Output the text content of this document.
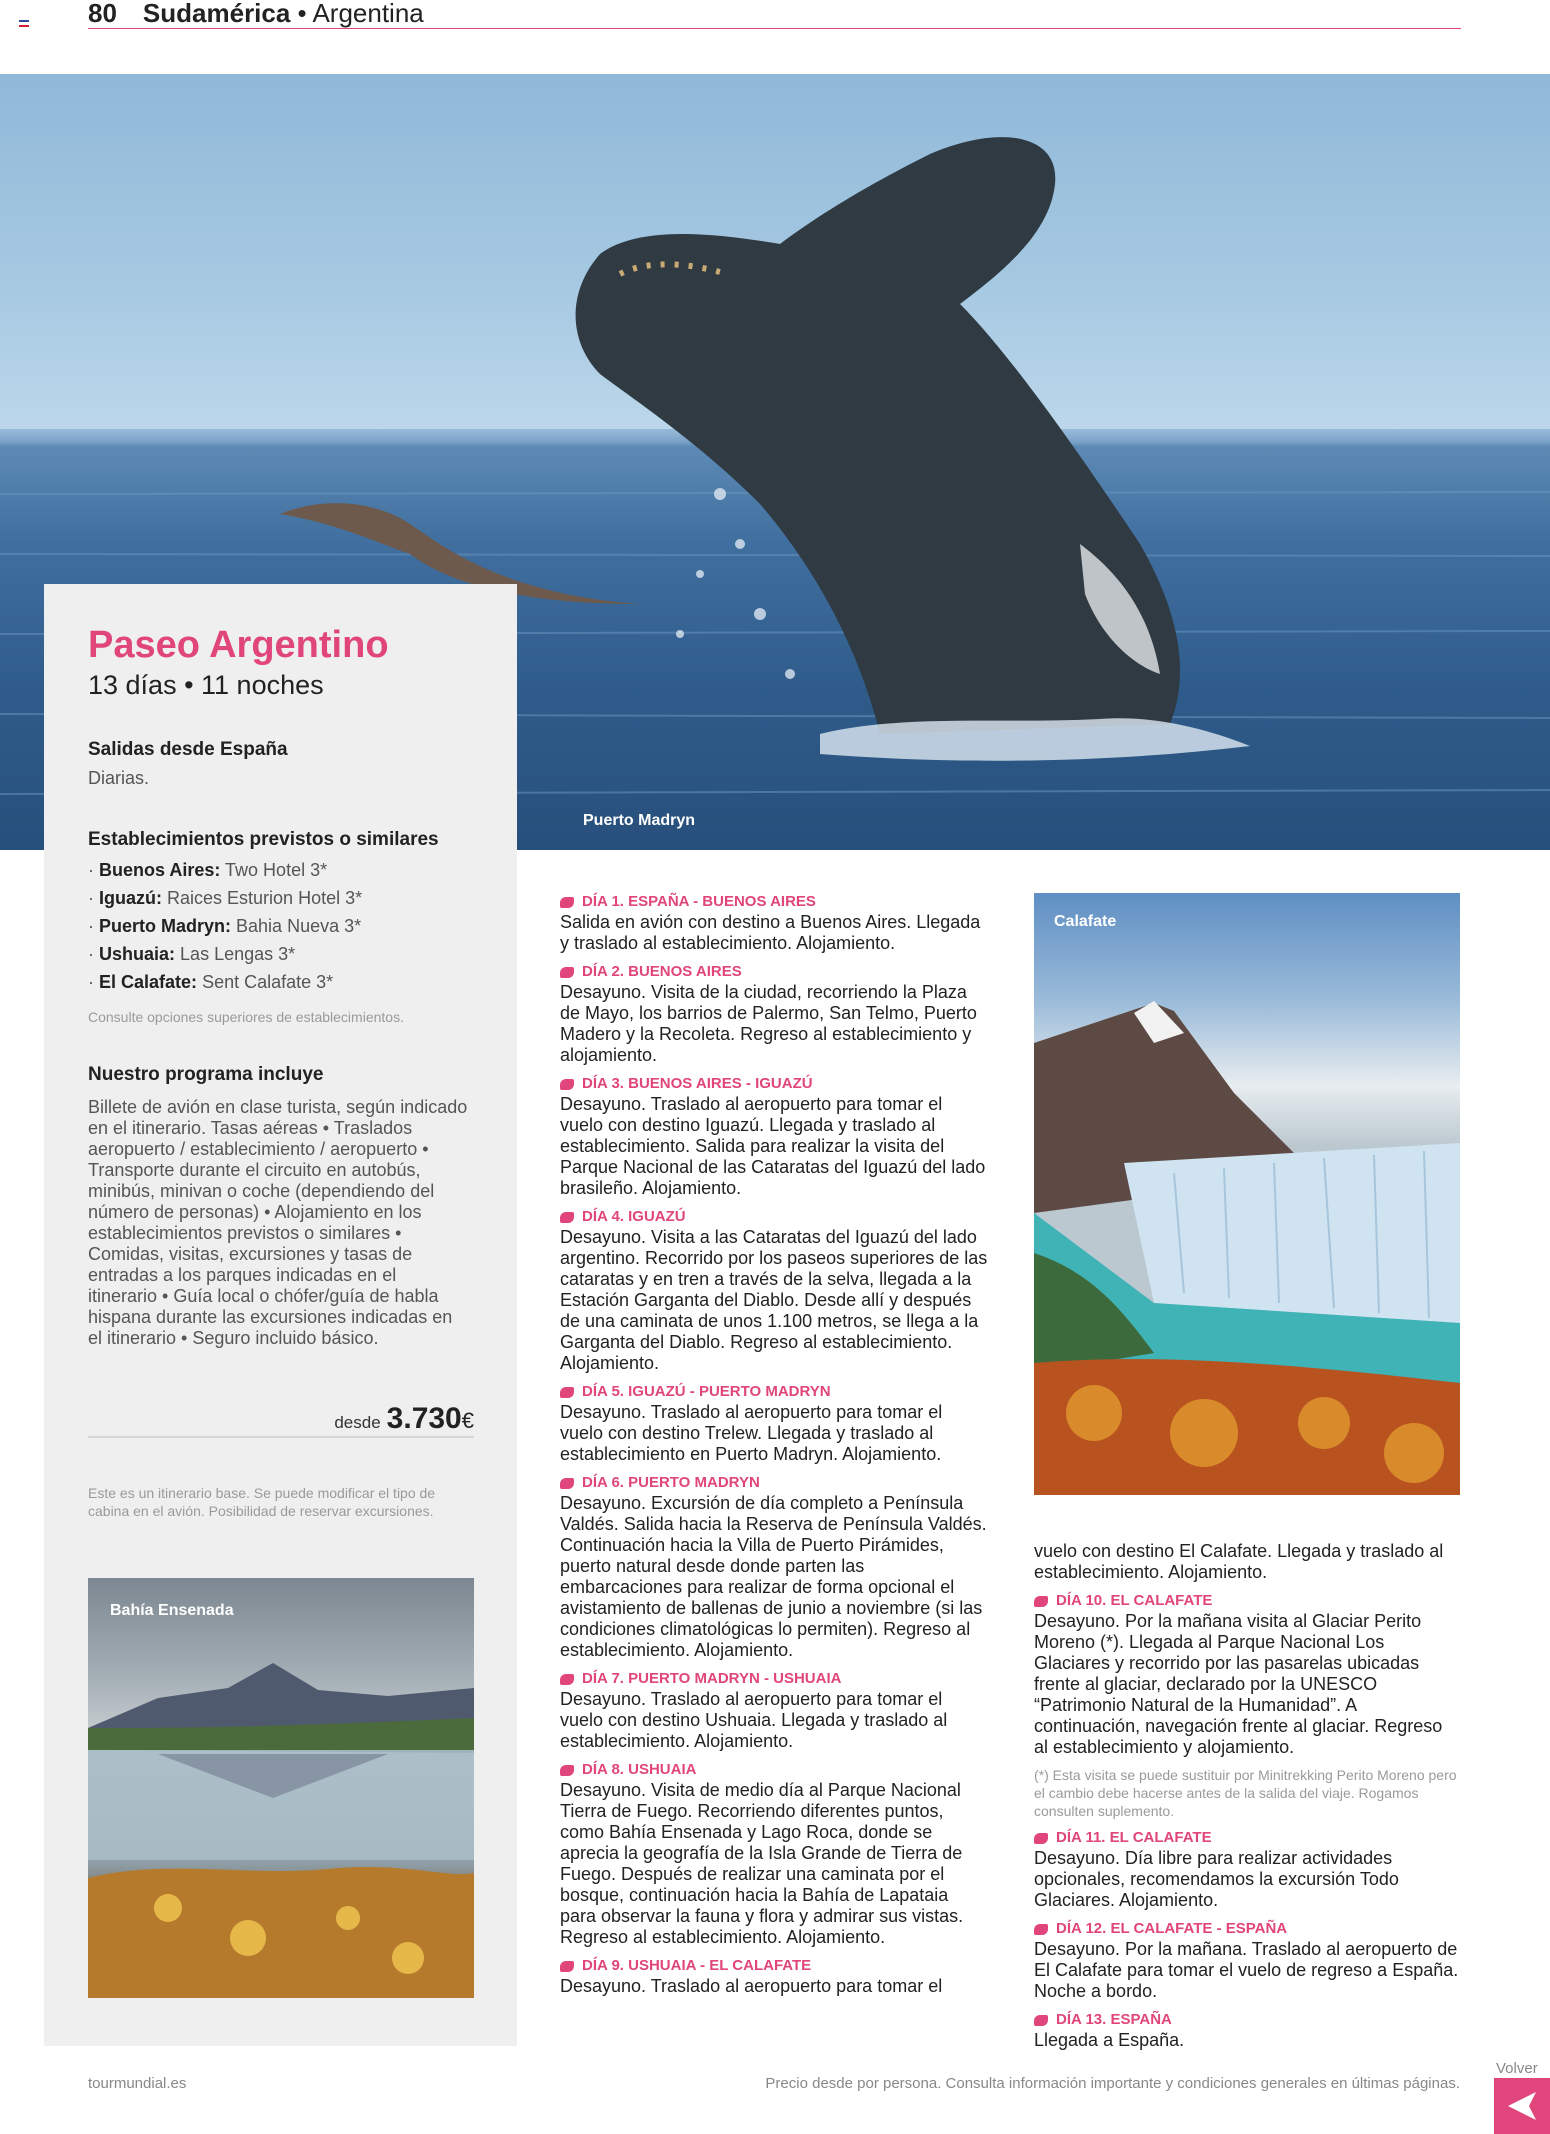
80 Sudamérica • Argentina
Puerto Madryn
Paseo Argentino
13 días • 11 noches
Salidas desde España
Diarias.
Establecimientos previstos o similares
· Buenos Aires: Two Hotel 3*
· Iguazú: Raices Esturion Hotel 3*
· Puerto Madryn: Bahia Nueva 3*
· Ushuaia: Las Lengas 3*
· El Calafate: Sent Calafate 3*
Consulte opciones superiores de establecimientos.
Nuestro programa incluye
Billete de avión en clase turista, según indicado en el itinerario. Tasas aéreas • Traslados aeropuerto / establecimiento / aeropuerto • Transporte durante el circuito en autobús, minibús, minivan o coche (dependiendo del número de personas) • Alojamiento en los establecimientos previstos o similares • Comidas, visitas, excursiones y tasas de entradas a los parques indicadas en el itinerario • Guía local o chófer/guía de habla hispana durante las excursiones indicadas en el itinerario • Seguro incluido básico.
desde 3.730€
Este es un itinerario base. Se puede modificar el tipo de cabina en el avión. Posibilidad de reservar excursiones.
Bahía Ensenada
DÍA 1. ESPAÑA - BUENOS AIRES
Salida en avión con destino a Buenos Aires. Llegada y traslado al establecimiento. Alojamiento.
DÍA 2. BUENOS AIRES
Desayuno. Visita de la ciudad, recorriendo la Plaza de Mayo, los barrios de Palermo, San Telmo, Puerto Madero y la Recoleta. Regreso al establecimiento y alojamiento.
DÍA 3. BUENOS AIRES - IGUAZÚ
Desayuno. Traslado al aeropuerto para tomar el vuelo con destino Iguazú. Llegada y traslado al establecimiento. Salida para realizar la visita del Parque Nacional de las Cataratas del Iguazú del lado brasileño. Alojamiento.
DÍA 4. IGUAZÚ
Desayuno. Visita a las Cataratas del Iguazú del lado argentino. Recorrido por los paseos superiores de las cataratas y en tren a través de la selva, llegada a la Estación Garganta del Diablo. Desde allí y después de una caminata de unos 1.100 metros, se llega a la Garganta del Diablo. Regreso al establecimiento. Alojamiento.
DÍA 5. IGUAZÚ - PUERTO MADRYN
Desayuno. Traslado al aeropuerto para tomar el vuelo con destino Trelew. Llegada y traslado al establecimiento en Puerto Madryn. Alojamiento.
DÍA 6. PUERTO MADRYN
Desayuno. Excursión de día completo a Península Valdés. Salida hacia la Reserva de Península Valdés. Continuación hacia la Villa de Puerto Pirámides, puerto natural desde donde parten las embarcaciones para realizar de forma opcional el avistamiento de ballenas de junio a noviembre (si las condiciones climatológicas lo permiten). Regreso al establecimiento. Alojamiento.
DÍA 7. PUERTO MADRYN - USHUAIA
Desayuno. Traslado al aeropuerto para tomar el vuelo con destino Ushuaia. Llegada y traslado al establecimiento. Alojamiento.
DÍA 8. USHUAIA
Desayuno. Visita de medio día al Parque Nacional Tierra de Fuego. Recorriendo diferentes puntos, como Bahía Ensenada y Lago Roca, donde se aprecia la geografía de la Isla Grande de Tierra de Fuego. Después de realizar una caminata por el bosque, continuación hacia la Bahía de Lapataia para observar la fauna y flora y admirar sus vistas. Regreso al establecimiento. Alojamiento.
DÍA 9. USHUAIA - EL CALAFATE
Desayuno. Traslado al aeropuerto para tomar el
Calafate
vuelo con destino El Calafate. Llegada y traslado al establecimiento. Alojamiento.
DÍA 10. EL CALAFATE
Desayuno. Por la mañana visita al Glaciar Perito Moreno (*). Llegada al Parque Nacional Los Glaciares y recorrido por las pasarelas ubicadas frente al glaciar, declarado por la UNESCO “Patrimonio Natural de la Humanidad”. A continuación, navegación frente al glaciar. Regreso al establecimiento y alojamiento.
(*) Esta visita se puede sustituir por Minitrekking Perito Moreno pero el cambio debe hacerse antes de la salida del viaje. Rogamos consulten suplemento.
DÍA 11. EL CALAFATE
Desayuno. Día libre para realizar actividades opcionales, recomendamos la excursión Todo Glaciares. Alojamiento.
DÍA 12. EL CALAFATE - ESPAÑA
Desayuno. Por la mañana. Traslado al aeropuerto de El Calafate para tomar el vuelo de regreso a España. Noche a bordo.
DÍA 13. ESPAÑA
Llegada a España.
tourmundial.es	Precio desde por persona. Consulta información importante y condiciones generales en últimas páginas.
Volver
